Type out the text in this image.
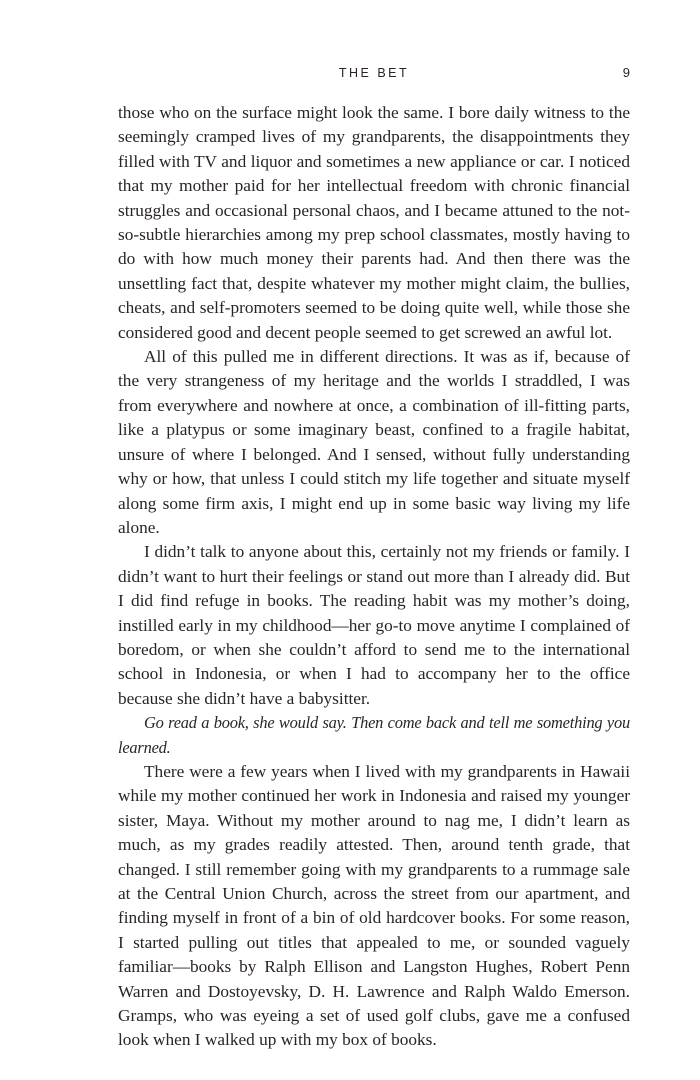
THE BET	9

those who on the surface might look the same. I bore daily witness to the seemingly cramped lives of my grandparents, the disappointments they filled with TV and liquor and sometimes a new appliance or car. I noticed that my mother paid for her intellectual freedom with chronic financial struggles and occasional personal chaos, and I became attuned to the not-so-subtle hierarchies among my prep school classmates, mostly having to do with how much money their parents had. And then there was the unsettling fact that, despite whatever my mother might claim, the bullies, cheats, and self-promoters seemed to be doing quite well, while those she considered good and decent people seemed to get screwed an awful lot.

All of this pulled me in different directions. It was as if, because of the very strangeness of my heritage and the worlds I straddled, I was from everywhere and nowhere at once, a combination of ill-fitting parts, like a platypus or some imaginary beast, confined to a fragile habitat, unsure of where I belonged. And I sensed, without fully understanding why or how, that unless I could stitch my life together and situate myself along some firm axis, I might end up in some basic way living my life alone.

I didn’t talk to anyone about this, certainly not my friends or family. I didn’t want to hurt their feelings or stand out more than I already did. But I did find refuge in books. The reading habit was my mother’s doing, instilled early in my childhood—her go-to move anytime I complained of boredom, or when she couldn’t afford to send me to the international school in Indonesia, or when I had to accompany her to the office because she didn’t have a babysitter.

Go read a book, she would say. Then come back and tell me something you learned.

There were a few years when I lived with my grandparents in Hawaii while my mother continued her work in Indonesia and raised my younger sister, Maya. Without my mother around to nag me, I didn’t learn as much, as my grades readily attested. Then, around tenth grade, that changed. I still remember going with my grandparents to a rummage sale at the Central Union Church, across the street from our apartment, and finding myself in front of a bin of old hardcover books. For some reason, I started pulling out titles that appealed to me, or sounded vaguely familiar—books by Ralph Ellison and Langston Hughes, Robert Penn Warren and Dostoyevsky, D. H. Lawrence and Ralph Waldo Emerson. Gramps, who was eyeing a set of used golf clubs, gave me a confused look when I walked up with my box of books.
